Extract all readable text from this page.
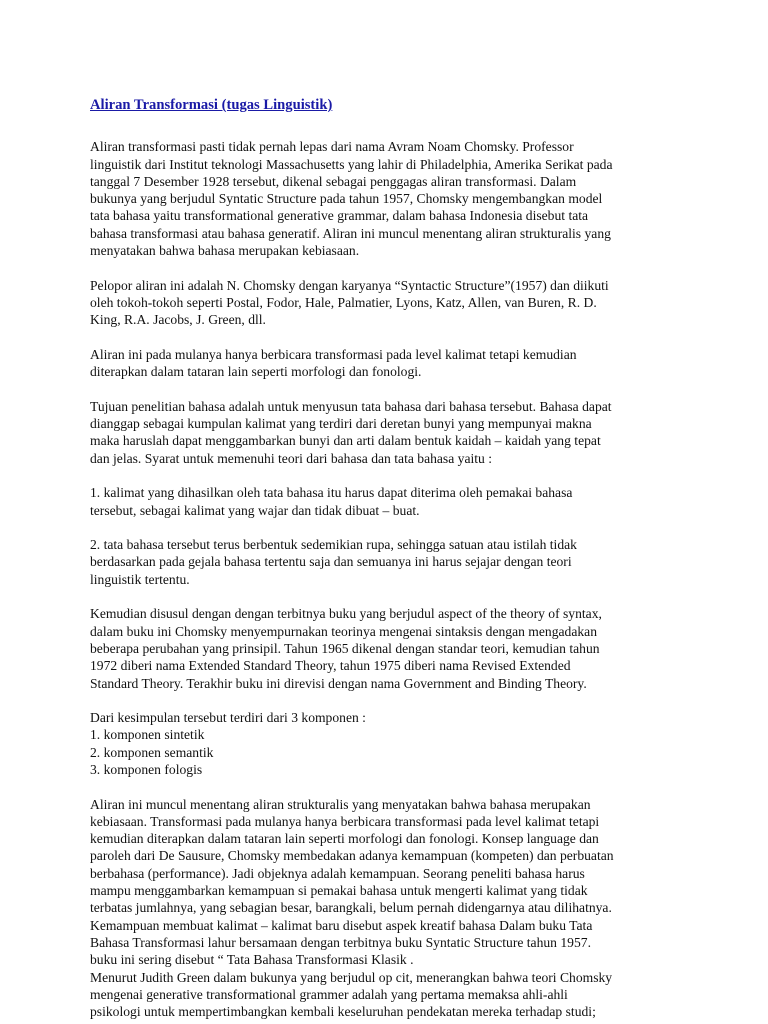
Aliran Transformasi (tugas Linguistik)
Aliran transformasi pasti tidak pernah lepas dari nama Avram Noam Chomsky. Professor
linguistik dari Institut teknologi Massachusetts yang lahir di Philadelphia, Amerika Serikat pada
tanggal 7 Desember 1928 tersebut, dikenal sebagai penggagas aliran transformasi. Dalam
bukunya yang berjudul Syntatic Structure pada tahun 1957, Chomsky mengembangkan model
tata bahasa yaitu transformational generative grammar, dalam bahasa Indonesia disebut tata
bahasa transformasi atau bahasa generatif. Aliran ini muncul menentang aliran strukturalis yang
menyatakan bahwa bahasa merupakan kebiasaan.
Pelopor aliran ini adalah N. Chomsky dengan karyanya “Syntactic Structure”(1957) dan diikuti
oleh tokoh-tokoh seperti Postal, Fodor, Hale, Palmatier, Lyons, Katz, Allen, van Buren, R. D.
King, R.A. Jacobs, J. Green, dll.
Aliran ini pada mulanya hanya berbicara transformasi pada level kalimat tetapi kemudian
diterapkan dalam tataran lain seperti morfologi dan fonologi.
Tujuan penelitian bahasa adalah untuk menyusun tata bahasa dari bahasa tersebut. Bahasa dapat
dianggap sebagai kumpulan kalimat yang terdiri dari deretan bunyi yang mempunyai makna
maka haruslah dapat menggambarkan bunyi dan arti dalam bentuk kaidah – kaidah yang tepat
dan jelas. Syarat untuk memenuhi teori dari bahasa dan tata bahasa yaitu :
1. kalimat yang dihasilkan oleh tata bahasa itu harus dapat diterima oleh pemakai bahasa
tersebut, sebagai kalimat yang wajar dan tidak dibuat – buat.
2. tata bahasa tersebut terus berbentuk sedemikian rupa, sehingga satuan atau istilah tidak
berdasarkan pada gejala bahasa tertentu saja dan semuanya ini harus sejajar dengan teori
linguistik tertentu.
Kemudian disusul dengan dengan terbitnya buku yang berjudul aspect of the theory of syntax,
dalam buku ini Chomsky menyempurnakan teorinya mengenai sintaksis dengan mengadakan
beberapa perubahan yang prinsipil. Tahun 1965 dikenal dengan standar teori, kemudian tahun
1972 diberi nama Extended Standard Theory, tahun 1975 diberi nama Revised Extended
Standard Theory. Terakhir buku ini direvisi dengan nama Government and Binding Theory.
Dari kesimpulan tersebut terdiri dari 3 komponen :
1. komponen sintetik
2. komponen semantik
3. komponen fologis
Aliran ini muncul menentang aliran strukturalis yang menyatakan bahwa bahasa merupakan
kebiasaan. Transformasi pada mulanya hanya berbicara transformasi pada level kalimat tetapi
kemudian diterapkan dalam tataran lain seperti morfologi dan fonologi. Konsep language dan
paroleh dari De Sausure, Chomsky membedakan adanya kemampuan (kompeten) dan perbuatan
berbahasa (performance). Jadi objeknya adalah kemampuan. Seorang peneliti bahasa harus
mampu menggambarkan kemampuan si pemakai bahasa untuk mengerti kalimat yang tidak
terbatas jumlahnya, yang sebagian besar, barangkali, belum pernah didengarnya atau dilihatnya.
Kemampuan membuat kalimat – kalimat baru disebut aspek kreatif bahasa Dalam buku Tata
Bahasa Transformasi lahur bersamaan dengan terbitnya buku Syntatic Structure tahun 1957.
buku ini sering disebut “ Tata Bahasa Transformasi Klasik .
Menurut Judith Green dalam bukunya yang berjudul op cit, menerangkan bahwa teori Chomsky
mengenai generative transformational grammer adalah yang pertama memaksa ahli-ahli
psikologi untuk mempertimbangkan kembali keseluruhan pendekatan mereka terhadap studi;
